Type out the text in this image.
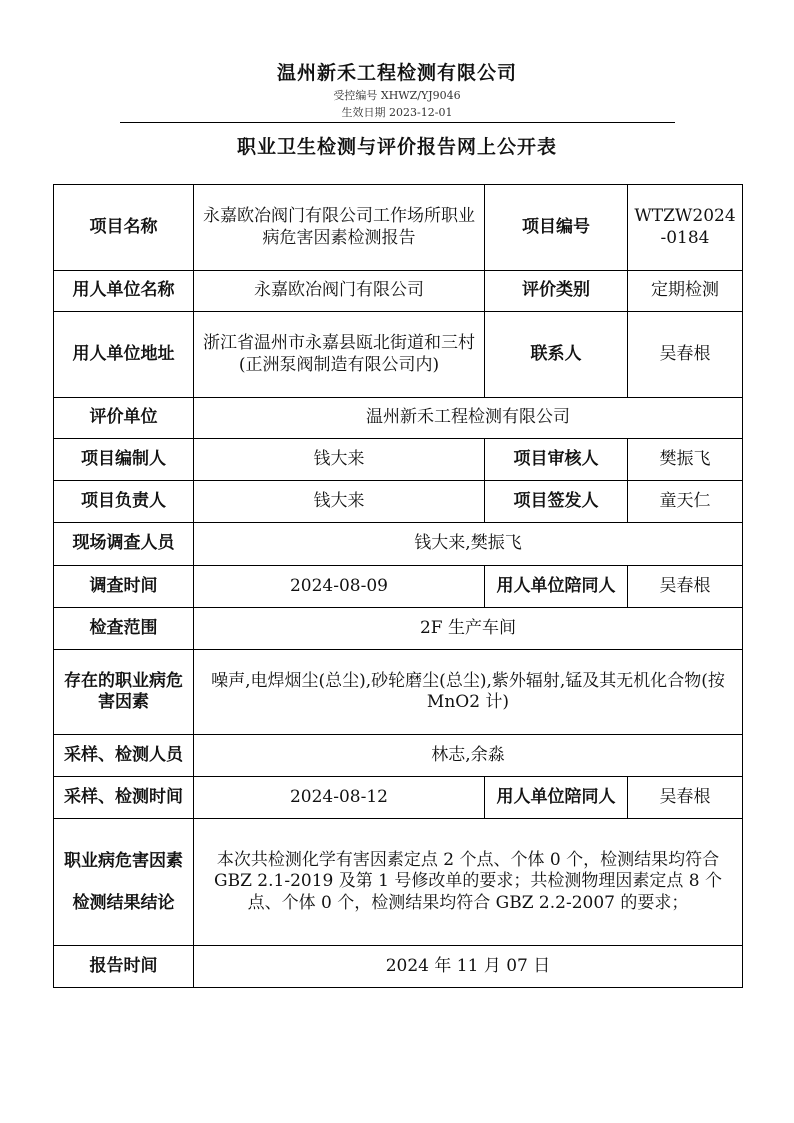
温州新禾工程检测有限公司
受控编号 XHWZ/YJ9046
生效日期 2023-12-01
职业卫生检测与评价报告网上公开表
项目名称	永嘉欧冶阀门有限公司工作场所职业病危害因素检测报告	项目编号	WTZW2024-0184
用人单位名称	永嘉欧冶阀门有限公司	评价类别	定期检测
用人单位地址	浙江省温州市永嘉县瓯北街道和三村(正洲泵阀制造有限公司内)	联系人	吴春根
评价单位	温州新禾工程检测有限公司		
项目编制人	钱大来	项目审核人	樊振飞
项目负责人	钱大来	项目签发人	童天仁
现场调查人员	钱大来,樊振飞		
调查时间	2024-08-09	用人单位陪同人	吴春根
检查范围	2F 生产车间		
存在的职业病危害因素	噪声,电焊烟尘(总尘),砂轮磨尘(总尘),紫外辐射,锰及其无机化合物(按MnO2 计)		
采样、检测人员	林志,余淼		
采样、检测时间	2024-08-12	用人单位陪同人	吴春根
职业病危害因素检测结果结论	本次共检测化学有害因素定点 2 个点、个体 0 个，检测结果均符合 GBZ 2.1-2019 及第 1 号修改单的要求；共检测物理因素定点 8 个点、个体 0 个，检测结果均符合 GBZ 2.2-2007 的要求；		
报告时间	2024 年 11 月 07 日		
